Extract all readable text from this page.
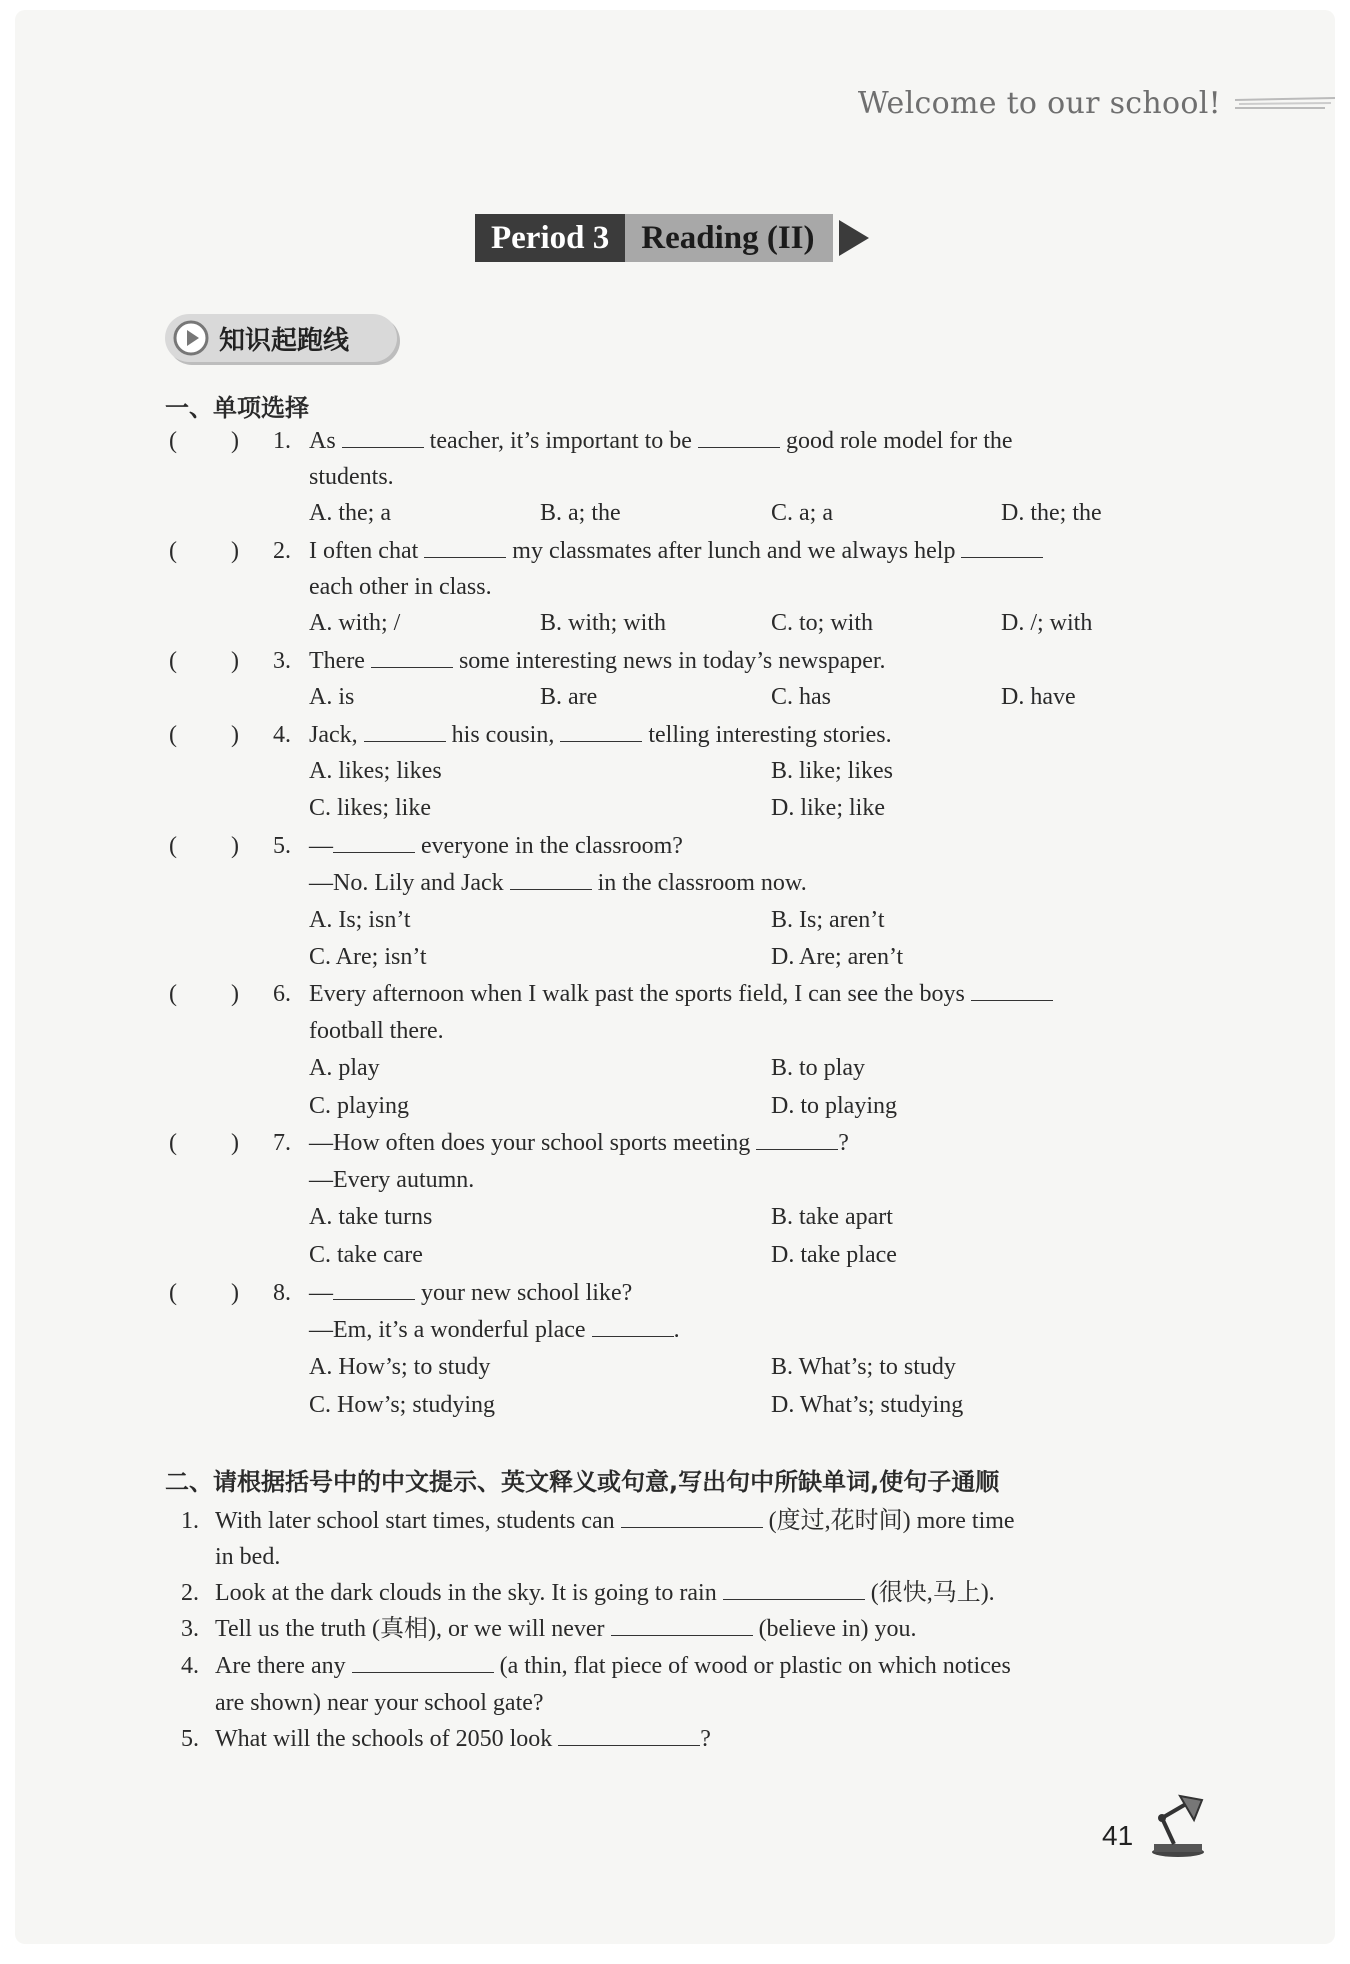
Welcome to our school!
Period 3 Reading (II)
知识起跑线
一、单项选择
(         ) 1. As	teacher, it’s important to be	good role model for the
students.
A. the; a	B. a; the	C. a; a	D. the; the
(         ) 2. I often chat	my classmates after lunch and we always help
each other in class.
A. with; /	B. with; with	C. to; with	D. /; with
(         ) 3. There	some interesting news in today’s newspaper.
A. is	B. are	C. has	D. have
(         ) 4. Jack,	his cousin,	telling interesting stories.
A. likes; likes	B. like; likes
C. likes; like	D. like; like
(         ) 5. —	everyone in the classroom?
—No. Lily and Jack	in the classroom now.
A. Is; isn’t	B. Is; aren’t
C. Are; isn’t	D. Are; aren’t
(         ) 6. Every afternoon when I walk past the sports field, I can see the boys
football there.
A. play	B. to play
C. playing	D. to playing
(         ) 7. —How often does your school sports meeting	?
—Every autumn.
A. take turns	B. take apart
C. take care	D. take place
(         ) 8. —	your new school like?
—Em, it’s a wonderful place	.
A. How’s; to study	B. What’s; to study
C. How’s; studying	D. What’s; studying
二、请根据括号中的中文提示、英文释义或句意,写出句中所缺单词,使句子通顺
1. With later school start times, students can	(度过,花时间) more time
in bed.
2. Look at the dark clouds in the sky. It is going to rain	(很快,马上).
3. Tell us the truth (真相), or we will never	(believe in) you.
4. Are there any	(a thin, flat piece of wood or plastic on which notices
are shown) near your school gate?
5. What will the schools of 2050 look	?
41
